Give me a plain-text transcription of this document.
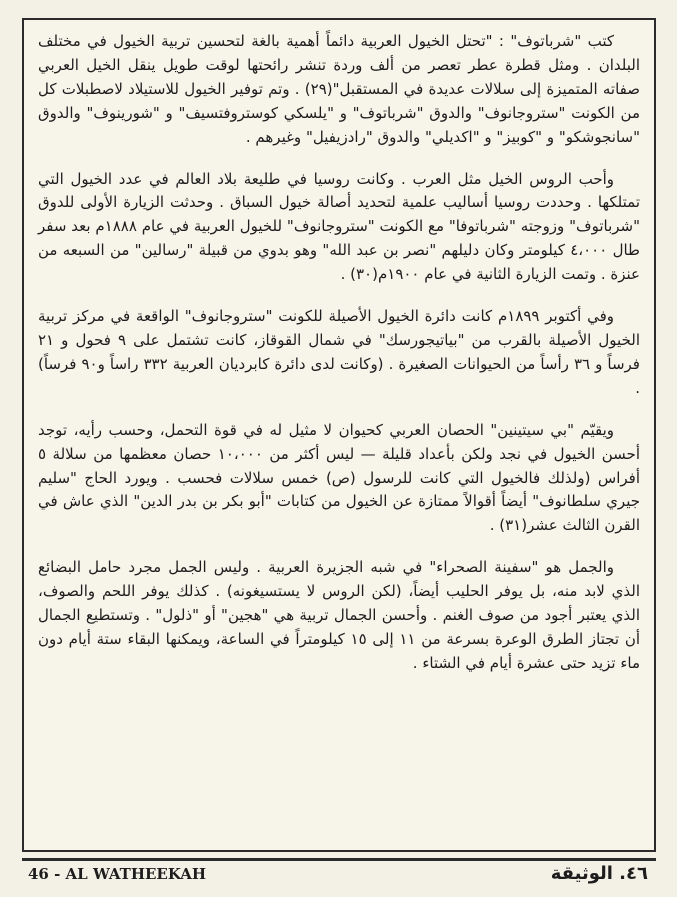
كتب "شرباتوف" : "تحتل الخيول العربية دائماً أهمية بالغة لتحسين تربية الخيول في مختلف البلدان . ومثل قطرة عطر تعصر من ألف وردة تنشر رائحتها لوقت طويل ينقل الخيل العربي صفاته المتميزة إلى سلالات عديدة في المستقبل"(٢٩) . وتم توفير الخيول للاستيلاد لاصطبلات كل من الكونت "ستروجانوف" والدوق "شرباتوف" و "يلسكي كوستروفتسيف" و "شورينوف" والدوق "سانجوشكو" و "كوبيز" و "اكديلي" والدوق "رادزيفيل" وغيرهم .

وأحب الروس الخيل مثل العرب . وكانت روسيا في طليعة بلاد العالم في عدد الخيول التي تمتلكها . وحددت روسيا أساليب علمية لتحديد أصالة خيول السباق . وحدثت الزيارة الأولى للدوق "شرباتوف" وزوجته "شرباتوفا" مع الكونت "ستروجانوف" للخيول العربية في عام ١٨٨٨م بعد سفر طال ٤،٠٠٠ كيلومتر وكان دليلهم "نصر بن عبد الله" وهو بدوي من قبيلة "رسالين" من السبعه من عنزة . وتمت الزيارة الثانية في عام ١٩٠٠م(٣٠) .

وفي أكتوبر ١٨٩٩م كانت دائرة الخيول الأصيلة للكونت "ستروجانوف" الواقعة في مركز تربية الخيول الأصيلة بالقرب من "بياتيجورسك" في شمال القوقاز، كانت تشتمل على ٩ فحول و ٢١ فرساً و ٣٦ رأساً من الحيوانات الصغيرة . (وكانت لدى دائرة كابرديان العربية ٣٣٢ راساً و٩٠ فرساً) .

ويقيّم "بي سيتينين" الحصان العربي كحيوان لا مثيل له في قوة التحمل، وحسب رأيه، توجد أحسن الخيول في نجد ولكن بأعداد قليلة — ليس أكثر من ١٠،٠٠٠ حصان معظمها من سلالة ٥ أفراس (ولذلك فالخيول التي كانت للرسول (ص) خمس سلالات فحسب . ويورد الحاج "سليم جيري سلطانوف" أيضاً أقوالاً ممتازة عن الخيول من كتابات "أبو بكر بن بدر الدين" الذي عاش في القرن الثالث عشر(٣١) .

والجمل هو "سفينة الصحراء" في شبه الجزيرة العربية . وليس الجمل مجرد حامل البضائع الذي لابد منه، بل يوفر الحليب أيضاً، (لكن الروس لا يستسيغونه) . كذلك يوفر اللحم والصوف، الذي يعتبر أجود من صوف الغنم . وأحسن الجمال تربية هي "هجين" أو "ذلول" . وتستطيع الجمال أن تجتاز الطرق الوعرة بسرعة من ١١ إلى ١٥ كيلومتراً في الساعة، ويمكنها البقاء ستة أيام دون ماء تزيد حتى عشرة أيام في الشتاء .

46 - AL WATHEEKAH	٤٦. الوثيقة
